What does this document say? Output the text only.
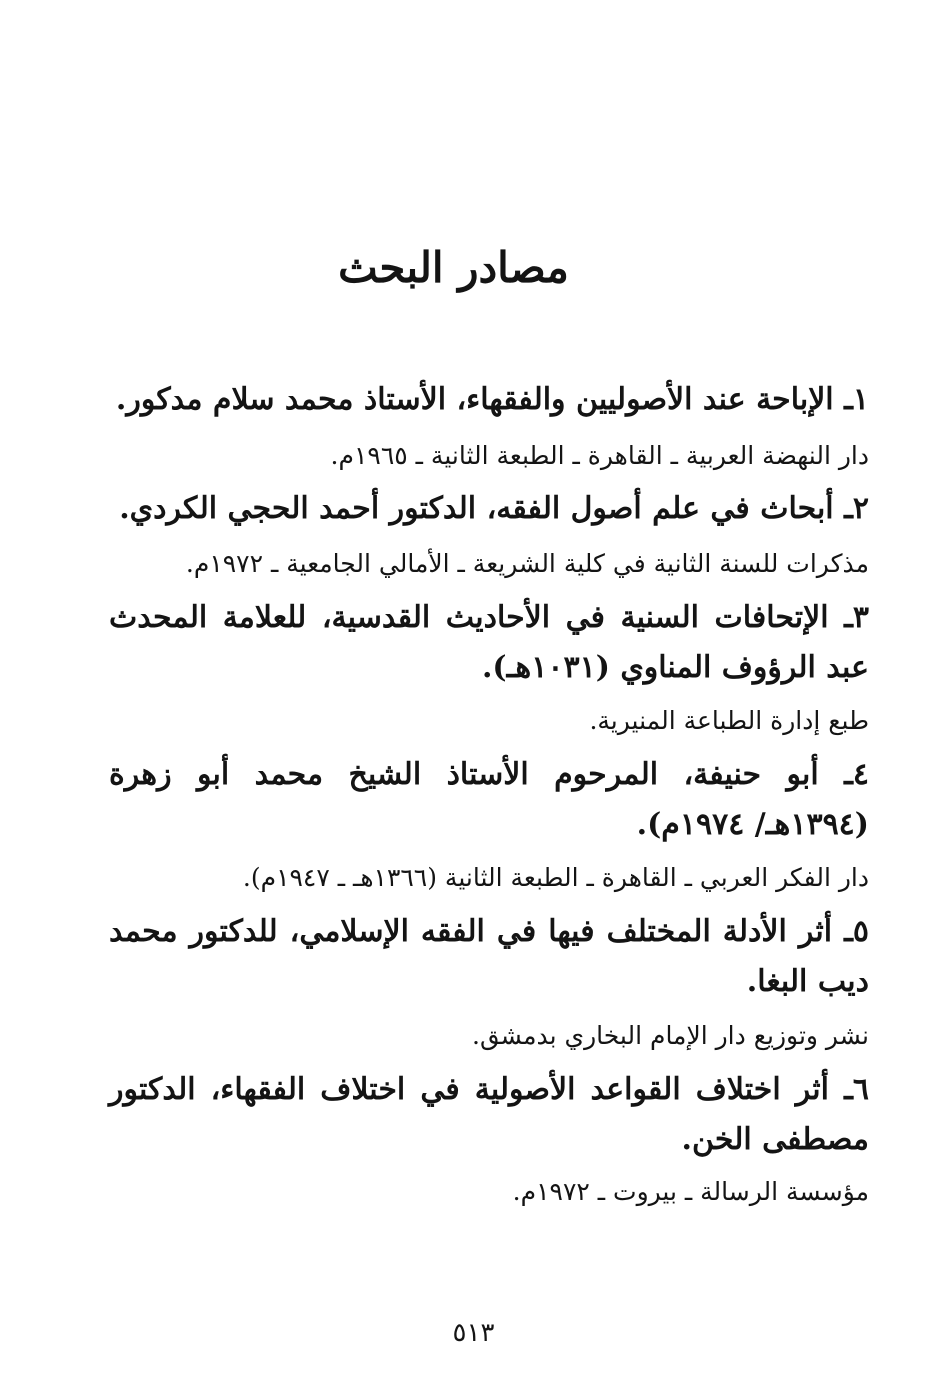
مصادر البحث
١ـ الإباحة عند الأصوليين والفقهاء، الأستاذ محمد سلام مدكور.
دار النهضة العربية ـ القاهرة ـ الطبعة الثانية ـ ١٩٦٥م.
٢ـ أبحاث في علم أصول الفقه، الدكتور أحمد الحجي الكردي.
مذكرات للسنة الثانية في كلية الشريعة ـ الأمالي الجامعية ـ ١٩٧٢م.
٣ـ الإتحافات السنية في الأحاديث القدسية، للعلامة المحدث عبد الرؤوف المناوي (١٠٣١هـ).
طبع إدارة الطباعة المنيرية.
٤ـ أبو حنيفة، المرحوم الأستاذ الشيخ محمد أبو زهرة (١٣٩٤هـ/ ١٩٧٤م).
دار الفكر العربي ـ القاهرة ـ الطبعة الثانية (١٣٦٦هـ ـ ١٩٤٧م).
٥ـ أثر الأدلة المختلف فيها في الفقه الإسلامي، للدكتور محمد ديب البغا.
نشر وتوزيع دار الإمام البخاري بدمشق.
٦ـ أثر اختلاف القواعد الأصولية في اختلاف الفقهاء، الدكتور مصطفى الخن.
مؤسسة الرسالة ـ بيروت ـ ١٩٧٢م.
٥١٣
